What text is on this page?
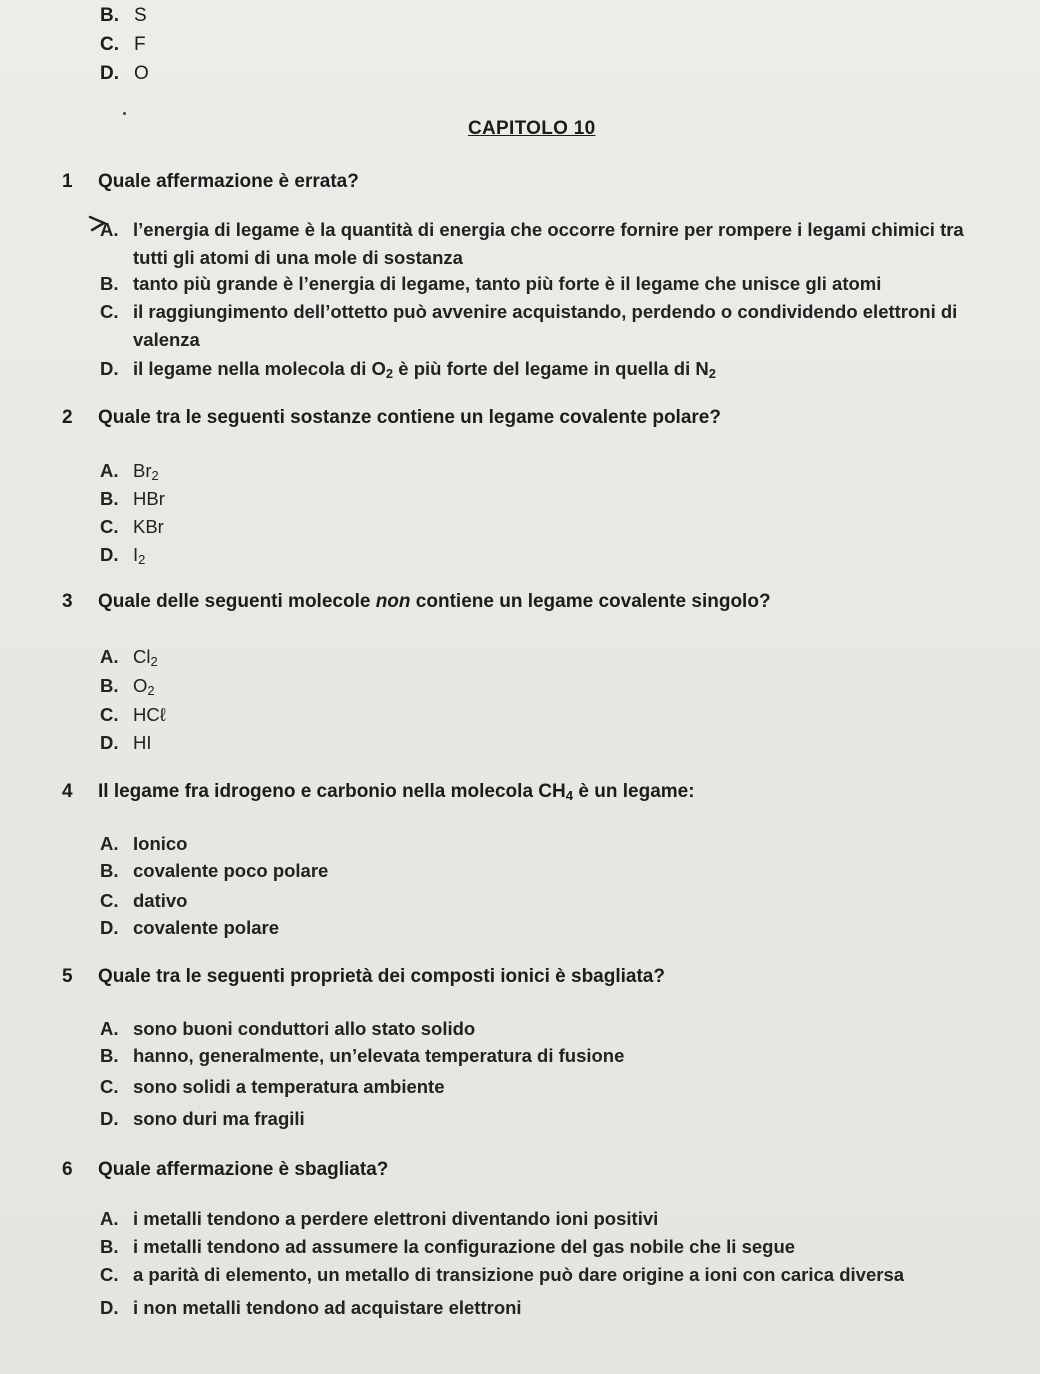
B. S
C. F
D. O
CAPITOLO 10
1 Quale affermazione è errata?
A. l’energia di legame è la quantità di energia che occorre fornire per rompere i legami chimici tra
tutti gli atomi di una mole di sostanza
B. tanto più grande è l’energia di legame, tanto più forte è il legame che unisce gli atomi
C. il raggiungimento dell’ottetto può avvenire acquistando, perdendo o condividendo elettroni di
valenza
D. il legame nella molecola di $O_2$ è più forte del legame in quella di $N_2$
2 Quale tra le seguenti sostanze contiene un legame covalente polare?
A. $Br_2$
B. HBr
C. KBr
D. $I_2$
3 Quale delle seguenti molecole non contiene un legame covalente singolo?
A. $Cl_2$
B. $O_2$
C. HCℓ
D. HI
4 Il legame fra idrogeno e carbonio nella molecola $CH_4$ è un legame:
A. Ionico
B. covalente poco polare
C. dativo
D. covalente polare
5 Quale tra le seguenti proprietà dei composti ionici è sbagliata?
A. sono buoni conduttori allo stato solido
B. hanno, generalmente, un’elevata temperatura di fusione
C. sono solidi a temperatura ambiente
D. sono duri ma fragili
6 Quale affermazione è sbagliata?
A. i metalli tendono a perdere elettroni diventando ioni positivi
B. i metalli tendono ad assumere la configurazione del gas nobile che li segue
C. a parità di elemento, un metallo di transizione può dare origine a ioni con carica diversa
D. i non metalli tendono ad acquistare elettroni
